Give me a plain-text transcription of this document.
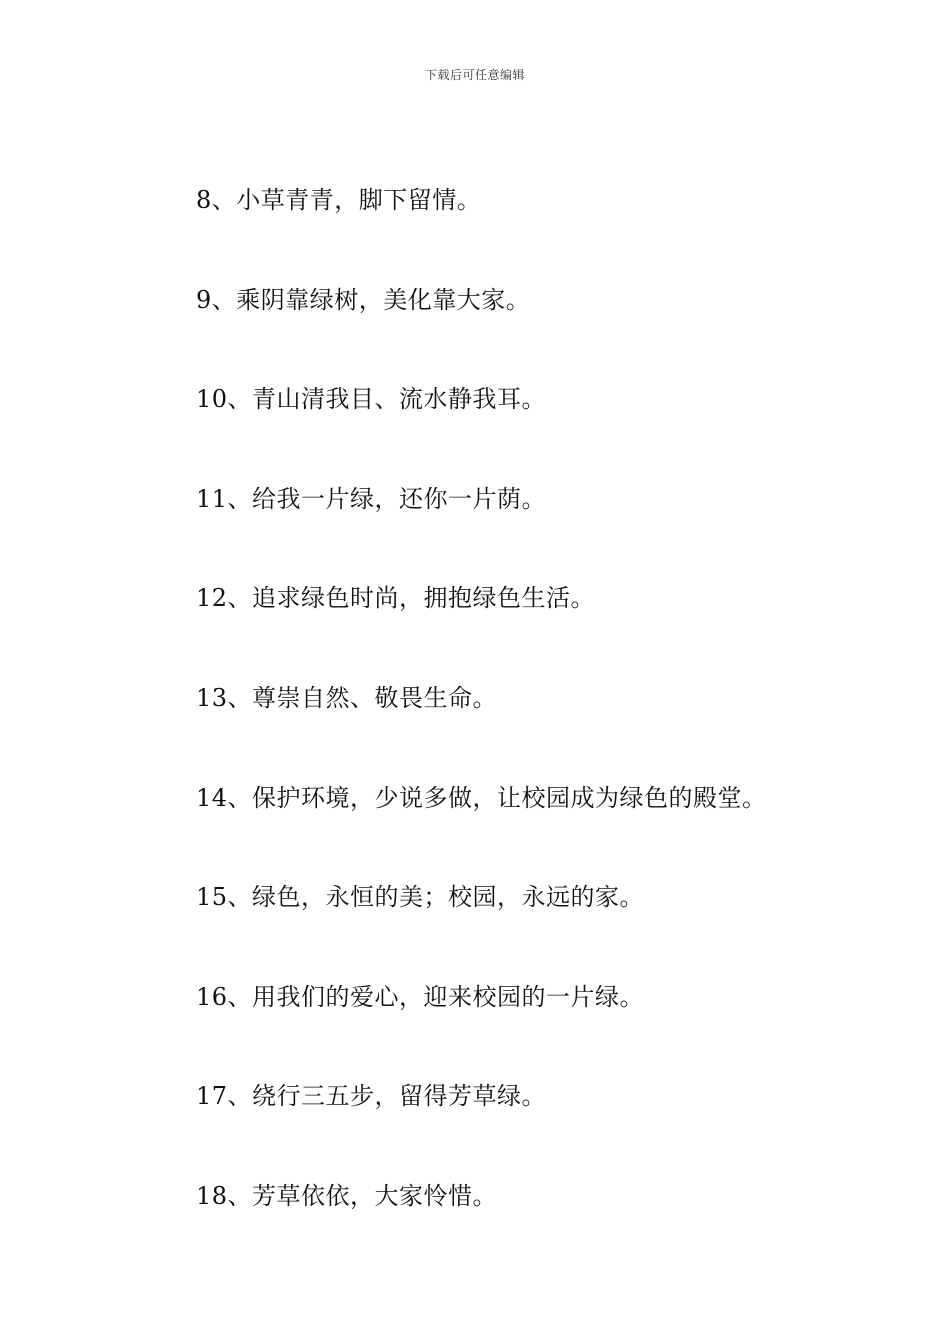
下载后可任意编辑
8、小草青青，脚下留情。
9、乘阴靠绿树，美化靠大家。
10、青山清我目、流水静我耳。
11、给我一片绿，还你一片荫。
12、追求绿色时尚，拥抱绿色生活。
13、尊崇自然、敬畏生命。
14、保护环境，少说多做，让校园成为绿色的殿堂。
15、绿色，永恒的美；校园，永远的家。
16、用我们的爱心，迎来校园的一片绿。
17、绕行三五步，留得芳草绿。
18、芳草依依，大家怜惜。
